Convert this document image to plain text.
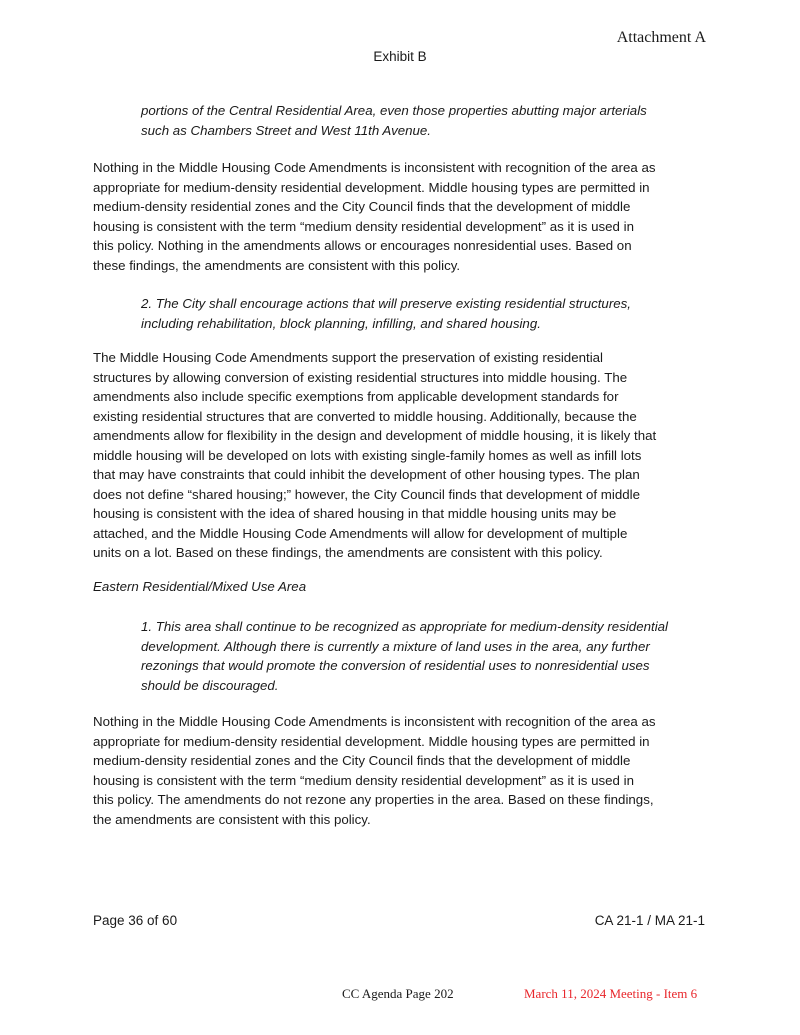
Attachment A
Exhibit B
portions of the Central Residential Area, even those properties abutting major arterials
such as Chambers Street and West 11th Avenue.
Nothing in the Middle Housing Code Amendments is inconsistent with recognition of the area as
appropriate for medium-density residential development. Middle housing types are permitted in
medium-density residential zones and the City Council finds that the development of middle
housing is consistent with the term “medium density residential development” as it is used in
this policy. Nothing in the amendments allows or encourages nonresidential uses. Based on
these findings, the amendments are consistent with this policy.
2. The City shall encourage actions that will preserve existing residential structures,
including rehabilitation, block planning, infilling, and shared housing.
The Middle Housing Code Amendments support the preservation of existing residential
structures by allowing conversion of existing residential structures into middle housing. The
amendments also include specific exemptions from applicable development standards for
existing residential structures that are converted to middle housing. Additionally, because the
amendments allow for flexibility in the design and development of middle housing, it is likely that
middle housing will be developed on lots with existing single-family homes as well as infill lots
that may have constraints that could inhibit the development of other housing types. The plan
does not define “shared housing;” however, the City Council finds that development of middle
housing is consistent with the idea of shared housing in that middle housing units may be
attached, and the Middle Housing Code Amendments will allow for development of multiple
units on a lot. Based on these findings, the amendments are consistent with this policy.
Eastern Residential/Mixed Use Area
1. This area shall continue to be recognized as appropriate for medium-density residential
development. Although there is currently a mixture of land uses in the area, any further
rezonings that would promote the conversion of residential uses to nonresidential uses
should be discouraged.
Nothing in the Middle Housing Code Amendments is inconsistent with recognition of the area as
appropriate for medium-density residential development. Middle housing types are permitted in
medium-density residential zones and the City Council finds that the development of middle
housing is consistent with the term “medium density residential development” as it is used in
this policy. The amendments do not rezone any properties in the area. Based on these findings,
the amendments are consistent with this policy.
Page 36 of 60	CA 21-1 / MA 21-1
CC Agenda Page 202	March 11, 2024 Meeting - Item 6
